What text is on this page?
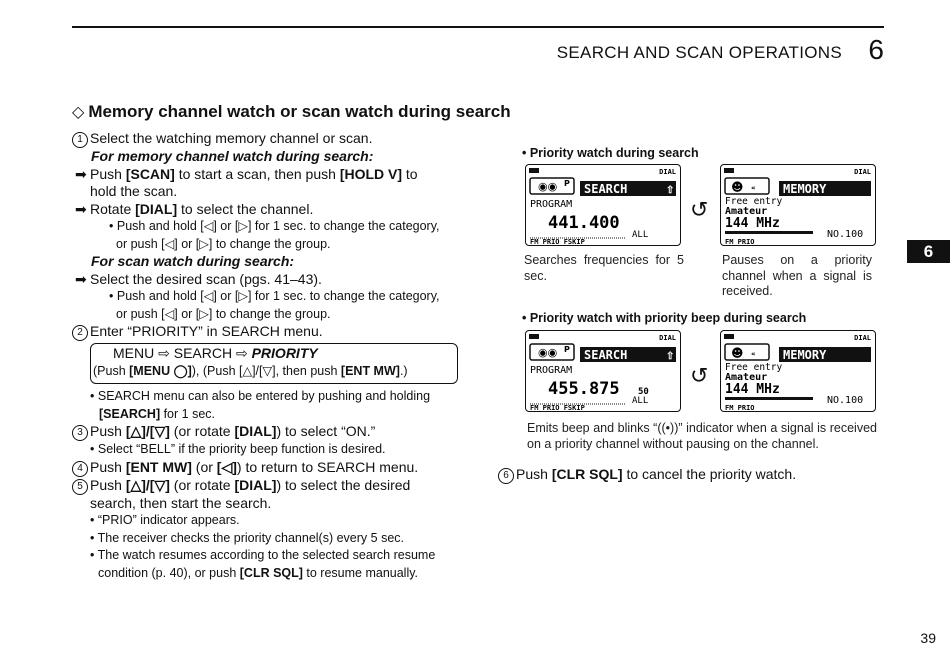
SEARCH AND SCAN OPERATIONS 6
6
39
◇ Memory channel watch or scan watch during search
1 Select the watching memory channel or scan.
For memory channel watch during search:
➡ Push [SCAN] to start a scan, then push [HOLD V] to
hold the scan.
➡ Rotate [DIAL] to select the channel.
• Push and hold [◁] or [▷] for 1 sec. to change the category,
or push [◁] or [▷] to change the group.
For scan watch during search:
➡ Select the desired scan (pgs. 41–43).
• Push and hold [◁] or [▷] for 1 sec. to change the category,
or push [◁] or [▷] to change the group.
2 Enter “PRIORITY” in SEARCH menu.
MENU ⇨ SEARCH ⇨ PRIORITY
(Push [MENU ◯]), (Push [△]/[▽], then push [ENT MW].)
• SEARCH menu can also be entered by pushing and holding
[SEARCH] for 1 sec.
3 Push [△]/[▽] (or rotate [DIAL]) to select “ON.”
• Select “BELL” if the priority beep function is desired.
4 Push [ENT MW] (or [◁]) to return to SEARCH menu.
5 Push [△]/[▽] (or rotate [DIAL]) to select the desired
search, then start the search.
• “PRIO” indicator appears.
• The receiver checks the priority channel(s) every 5 sec.
• The watch resumes according to the selected search resume
condition (p. 40), or push [CLR SQL] to resume manually.
• Priority watch during search
DIAL
◉◉ P SEARCH	⇧
PROGRAM
441.400
ALL
FM PRIO FSKIP
↺
DIAL
☻ « MEMORY
Free entry
Amateur
144 MHz
NO.100
FM PRIO
Searches frequencies for 5 sec.
Pauses on a priority channel when a signal is received.
• Priority watch with priority beep during search
DIAL
◉◉ P SEARCH	⇧
PROGRAM
455.875 50
ALL
FM PRIO FSKIP
↺
DIAL
☻ « MEMORY
Free entry
Amateur
144 MHz
NO.100
FM PRIO
Emits beep and blinks “((•))” indicator when a signal is received on a priority channel without pausing on the channel.
6 Push [CLR SQL] to cancel the priority watch.
